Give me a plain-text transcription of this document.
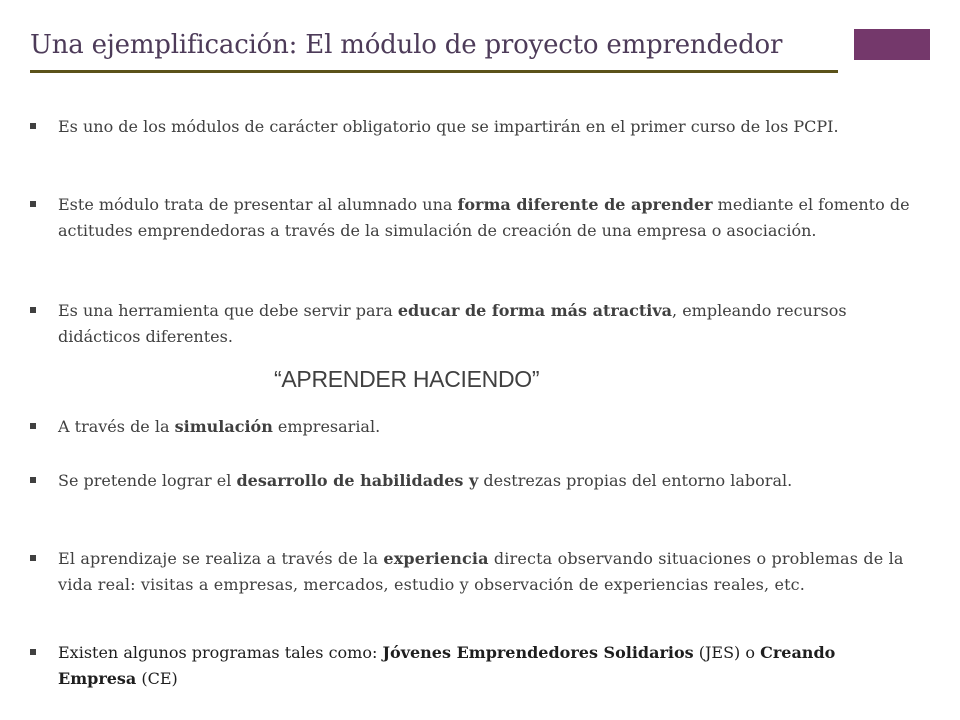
Una ejemplificación: El módulo de proyecto emprendedor
Es uno de los módulos de carácter obligatorio que se impartirán en el primer curso de los PCPI.
Este módulo trata de presentar al alumnado una forma diferente de aprender mediante el fomento de actitudes emprendedoras a través de la simulación de creación de una empresa o asociación.
Es una herramienta que debe servir para educar de forma más atractiva, empleando recursos didácticos diferentes.
“APRENDER HACIENDO”
A través de la simulación empresarial.
Se pretende lograr el desarrollo de habilidades y destrezas propias del entorno laboral.
El aprendizaje se realiza a través de la experiencia directa observando situaciones o problemas de la vida real: visitas a empresas, mercados, estudio y observación de experiencias reales, etc.
Existen algunos programas tales como: Jóvenes Emprendedores Solidarios (JES) o Creando Empresa (CE)
